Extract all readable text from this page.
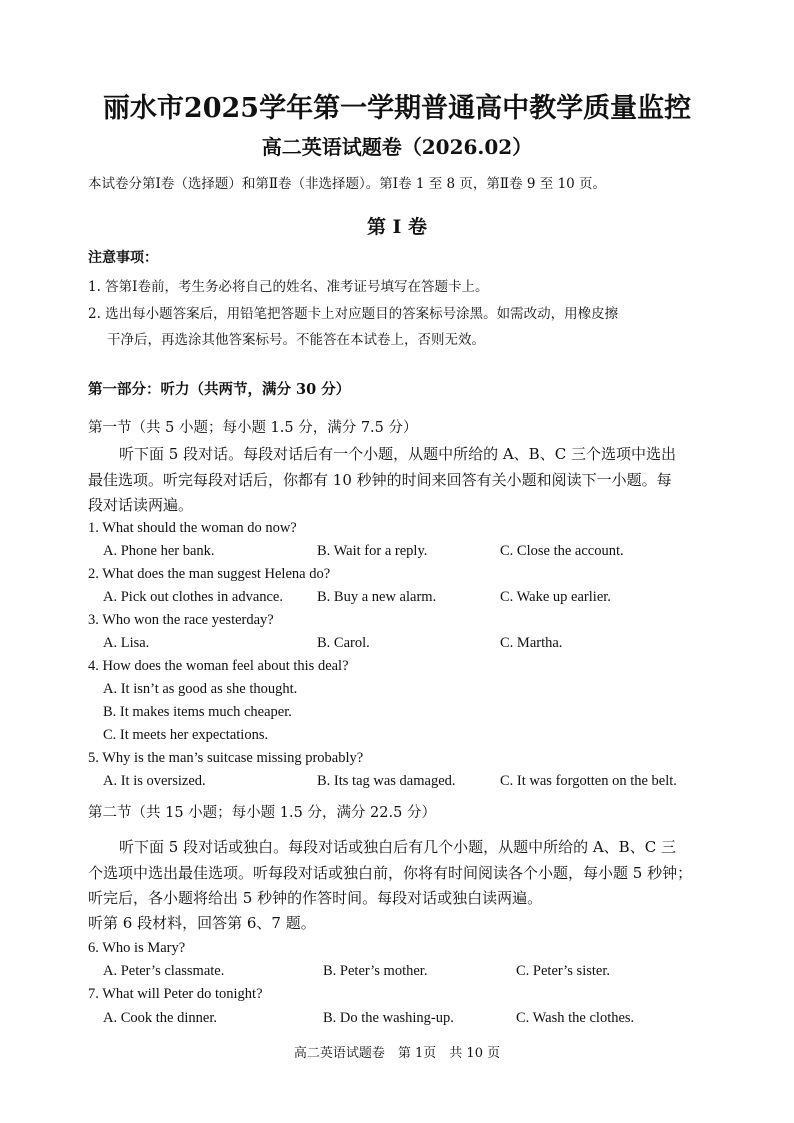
丽水市2025学年第一学期普通高中教学质量监控
高二英语试题卷（2026.02）
本试卷分第Ⅰ卷（选择题）和第Ⅱ卷（非选择题）。第Ⅰ卷 1 至 8 页，第Ⅱ卷 9 至 10 页。
第 I 卷
注意事项：
1. 答第Ⅰ卷前，考生务必将自己的姓名、准考证号填写在答题卡上。
2. 选出每小题答案后，用铅笔把答题卡上对应题目的答案标号涂黑。如需改动，用橡皮擦
干净后，再选涂其他答案标号。不能答在本试卷上，否则无效。
第一部分：听力（共两节，满分 30 分）
第一节（共 5 小题；每小题 1.5 分，满分 7.5 分）
听下面 5 段对话。每段对话后有一个小题，从题中所给的 A、B、C 三个选项中选出
最佳选项。听完每段对话后，你都有 10 秒钟的时间来回答有关小题和阅读下一小题。每
段对话读两遍。
1. What should the woman do now?
A. Phone her bank.	B. Wait for a reply.	C. Close the account.
2. What does the man suggest Helena do?
A. Pick out clothes in advance. B. Buy a new alarm.	C. Wake up earlier.
3. Who won the race yesterday?
A. Lisa.	B. Carol.	C. Martha.
4. How does the woman feel about this deal?
A. It isn’t as good as she thought.
B. It makes items much cheaper.
C. It meets her expectations.
5. Why is the man’s suitcase missing probably?
A. It is oversized.	B. Its tag was damaged.	C. It was forgotten on the belt.
第二节（共 15 小题；每小题 1.5 分，满分 22.5 分）
听下面 5 段对话或独白。每段对话或独白后有几个小题，从题中所给的 A、B、C 三
个选项中选出最佳选项。听每段对话或独白前，你将有时间阅读各个小题，每小题 5 秒钟；
听完后，各小题将给出 5 秒钟的作答时间。每段对话或独白读两遍。
听第 6 段材料，回答第 6、7 题。
6. Who is Mary?
A. Peter’s classmate.	B. Peter’s mother.	C. Peter’s sister.
7. What will Peter do tonight?
A. Cook the dinner.	B. Do the washing-up.	C. Wash the clothes.
高二英语试题卷　第 1页　共 10 页
